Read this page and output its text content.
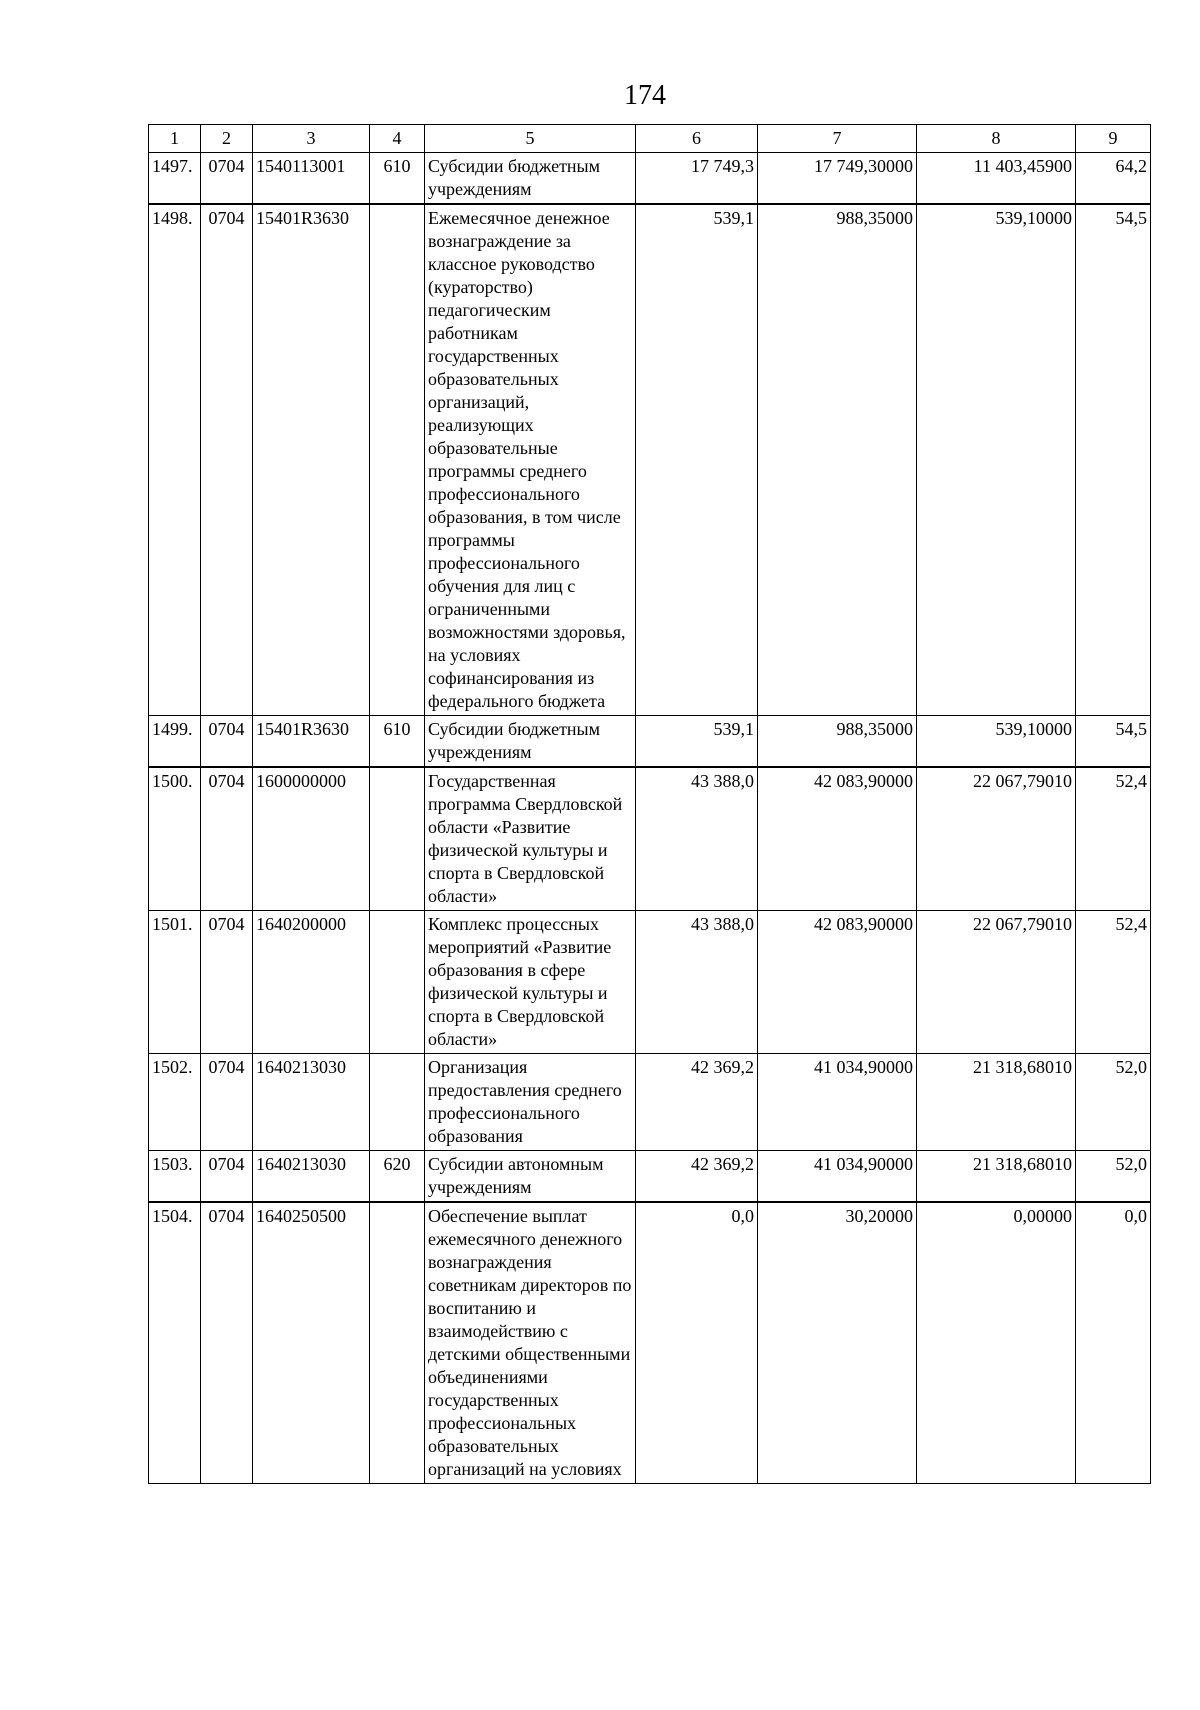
174
1	2	3	4	5	6	7	8	9
1497.	0704	1540113001	610	Субсидии бюджетным учреждениям	17 749,3	17 749,30000	11 403,45900	64,2
1498.	0704	15401R3630		Ежемесячное денежное вознаграждение за классное руководство (кураторство) педагогическим работникам государственных образовательных организаций, реализующих образовательные программы среднего профессионального образования, в том числе программы профессионального обучения для лиц с ограниченными возможностями здоровья, на условиях софинансирования из федерального бюджета	539,1	988,35000	539,10000	54,5
1499.	0704	15401R3630	610	Субсидии бюджетным учреждениям	539,1	988,35000	539,10000	54,5
1500.	0704	1600000000		Государственная программа Свердловской области «Развитие физической культуры и спорта в Свердловской области»	43 388,0	42 083,90000	22 067,79010	52,4
1501.	0704	1640200000		Комплекс процессных мероприятий «Развитие образования в сфере физической культуры и спорта в Свердловской области»	43 388,0	42 083,90000	22 067,79010	52,4
1502.	0704	1640213030		Организация предоставления среднего профессионального образования	42 369,2	41 034,90000	21 318,68010	52,0
1503.	0704	1640213030	620	Субсидии автономным учреждениям	42 369,2	41 034,90000	21 318,68010	52,0
1504.	0704	1640250500		Обеспечение выплат ежемесячного денежного вознаграждения советникам директоров по воспитанию и взаимодействию с детскими общественными объединениями государственных профессиональных образовательных организаций на условиях	0,0	30,20000	0,00000	0,0
